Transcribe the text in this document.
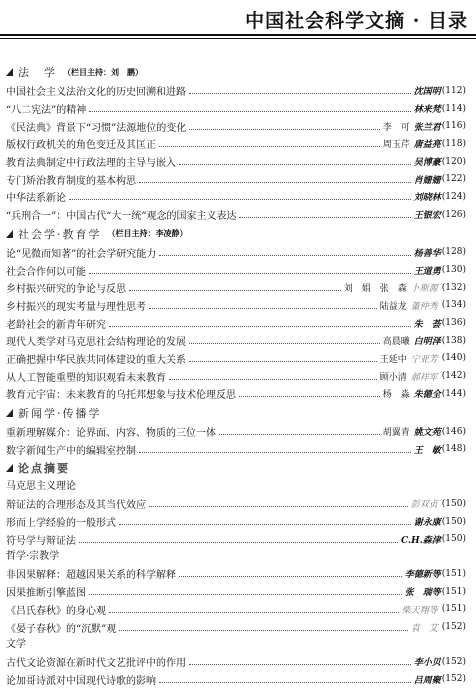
中国社会科学文摘 · 目录
法　学 （栏目主持：刘　鹏）
中国社会主义法治文化的历史回溯和进路	沈国明 (112)
“八二宪法”的精神	林来梵 (114)
《民法典》背景下“习惯”法源地位的变化	李　可 张兰君 (116)
版权行政机关的角色变迁及其匡正	周玉芹 唐益亮 (118)
教育法典制定中行政法理的主导与嵌入	吴博豪 (120)
专门矫治教育制度的基本构思	肖姗姗 (122)
中华法系新论	刘晓林 (124)
“兵刑合一”：中国古代“大一统”观念的国家主义表达	王银宏 (126)
社会学·教育学 （栏目主持：李凌静）
论“见微而知著”的社会学研究能力	杨善华 (128)
社会合作何以可能	王道勇 (130)
乡村振兴研究的争论与反思	刘　娟　张　森 卜斯源 (132)
乡村振兴的现实考量与理性思考	陆益龙 董仲秀 (134)
老龄社会的新青年研究	朱　荟 (136)
现代人类学对马克思社会结构理论的发展	高晨曦 白明泽 (138)
正确把握中华民族共同体建设的重大关系	王延中 宁亚芳 (140)
从人工智能重塑的知识观看未来教育	顾小清 郝祥军 (142)
教育元宇宙：未来教育的乌托邦想象与技术伦理反思	杨　淼 朱德全 (144)
新闻学·传播学
重新理解媒介：论界面、内容、物质的三位一体	胡翼青 姚文苑 (146)
数字新闻生产中的编辑室控制	王　敏 (148)
论点摘要
马克思主义理论
辩证法的合理形态及其当代效应	彭双贞 (150)
形而上学经验的一般形式	谢永康 (150)
符号学与辩证法	C.H.森津 (150)
哲学·宗教学
非因果解释：超越因果关系的科学解释	李德新等 (151)
因果推断引擎蓝图	张　瑞等 (151)
《吕氏春秋》的身心观	柴天翔等 (151)
《晏子春秋》的“沉默”观	袁　艾 (152)
文学
古代文论资源在新时代文艺批评中的作用	李小贝 (152)
论加哥诗派对中国现代诗歌的影响	吕周聚 (152)
